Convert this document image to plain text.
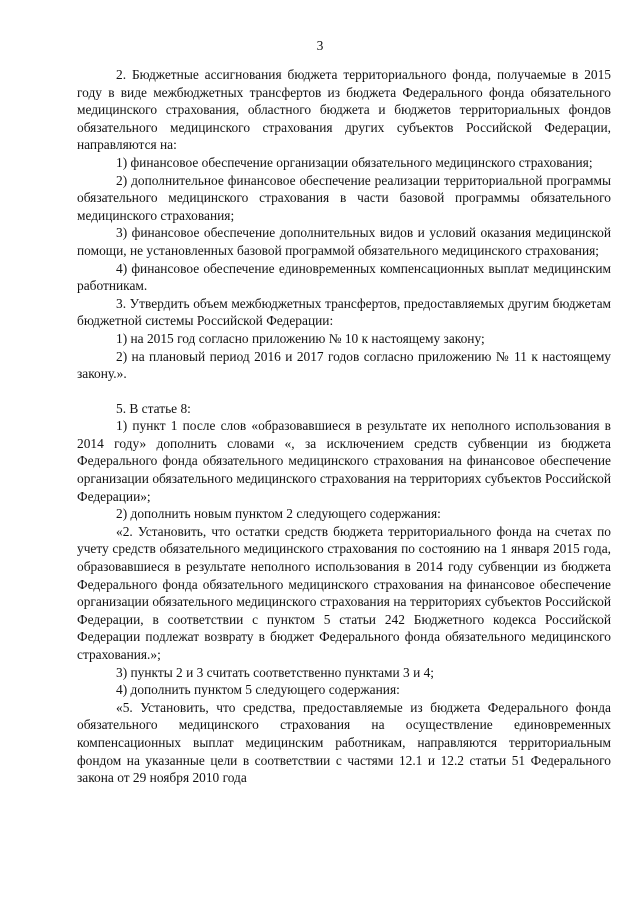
3

2. Бюджетные ассигнования бюджета территориального фонда, получаемые в 2015 году в виде межбюджетных трансфертов из бюджета Федерального фонда обязательного медицинского страхования, областного бюджета и бюджетов территориальных фондов обязательного медицинского страхования других субъектов Российской Федерации, направляются на:

1) финансовое обеспечение организации обязательного медицинского страхования;

2) дополнительное финансовое обеспечение реализации территориальной программы обязательного медицинского страхования в части базовой программы обязательного медицинского страхования;

3) финансовое обеспечение дополнительных видов и условий оказания медицинской помощи, не установленных базовой программой обязательного медицинского страхования;

4) финансовое обеспечение единовременных компенсационных выплат медицинским работникам.

3. Утвердить объем межбюджетных трансфертов, предоставляемых другим бюджетам бюджетной системы Российской Федерации:

1) на 2015 год согласно приложению № 10 к настоящему закону;

2) на плановый период 2016 и 2017 годов согласно приложению № 11 к настоящему закону.».

5. В статье 8:

1) пункт 1 после слов «образовавшиеся в результате их неполного использования в 2014 году» дополнить словами «, за исключением средств субвенции из бюджета Федерального фонда обязательного медицинского страхования на финансовое обеспечение организации обязательного медицинского страхования на территориях субъектов Российской Федерации»;

2) дополнить новым пунктом 2 следующего содержания:

«2. Установить, что остатки средств бюджета территориального фонда на счетах по учету средств обязательного медицинского страхования по состоянию на 1 января 2015 года, образовавшиеся в результате неполного использования в 2014 году субвенции из бюджета Федерального фонда обязательного медицинского страхования на финансовое обеспечение организации обязательного медицинского страхования на территориях субъектов Российской Федерации, в соответствии с пунктом 5 статьи 242 Бюджетного кодекса Российской Федерации подлежат возврату в бюджет Федерального фонда обязательного медицинского страхования.»;

3) пункты 2 и 3 считать соответственно пунктами 3 и 4;

4) дополнить пунктом 5 следующего содержания:

«5. Установить, что средства, предоставляемые из бюджета Федерального фонда обязательного медицинского страхования на осуществление единовременных компенсационных выплат медицинским работникам, направляются территориальным фондом на указанные цели в соответствии с частями 12.1 и 12.2 статьи 51 Федерального закона от 29 ноября 2010 года
